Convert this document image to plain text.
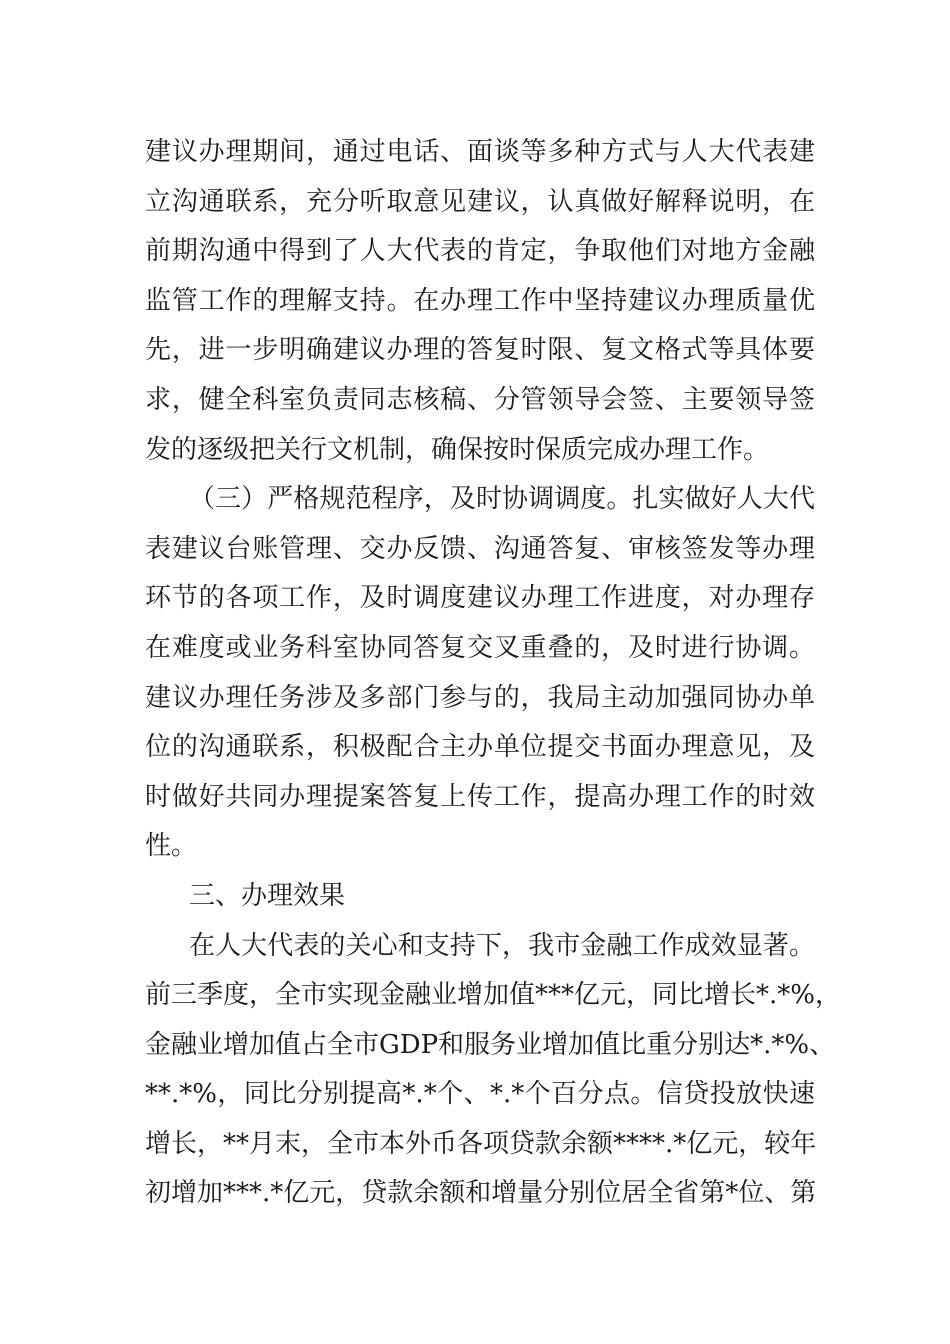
建议办理期间，通过电话、面谈等多种方式与人大代表建
立沟通联系，充分听取意见建议，认真做好解释说明，在
前期沟通中得到了人大代表的肯定，争取他们对地方金融
监管工作的理解支持。在办理工作中坚持建议办理质量优
先，进一步明确建议办理的答复时限、复文格式等具体要
求，健全科室负责同志核稿、分管领导会签、主要领导签
发的逐级把关行文机制，确保按时保质完成办理工作。
（三）严格规范程序，及时协调调度。扎实做好人大代
表建议台账管理、交办反馈、沟通答复、审核签发等办理
环节的各项工作，及时调度建议办理工作进度，对办理存
在难度或业务科室协同答复交叉重叠的，及时进行协调。
建议办理任务涉及多部门参与的，我局主动加强同协办单
位的沟通联系，积极配合主办单位提交书面办理意见，及
时做好共同办理提案答复上传工作，提高办理工作的时效
性。
三、办理效果
在人大代表的关心和支持下，我市金融工作成效显著。
前三季度，全市实现金融业增加值***亿元，同比增长*.*%，
金融业增加值占全市GDP和服务业增加值比重分别达*.*%、
**.*%，同比分别提高*.*个、*.*个百分点。信贷投放快速
增长，**月末，全市本外币各项贷款余额****.*亿元，较年
初增加***.*亿元，贷款余额和增量分别位居全省第*位、第
